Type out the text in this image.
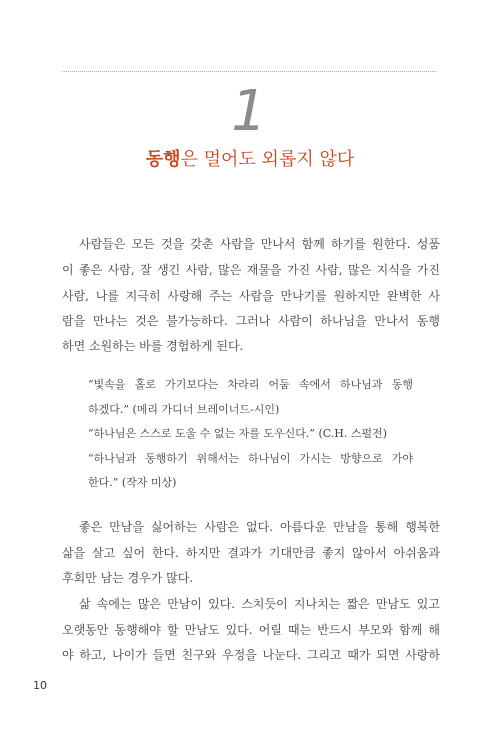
1
동행은 멀어도 외롭지 않다
사람들은 모든 것을 갖춘 사람을 만나서 함께 하기를 원한다. 성품
이 좋은 사람, 잘 생긴 사람, 많은 재물을 가진 사람, 많은 지식을 가진
사람, 나를 지극히 사랑해 주는 사람을 만나기를 원하지만 완벽한 사
람을 만나는 것은 불가능하다. 그러나 사람이 하나님을 만나서 동행
하면 소원하는 바를 경험하게 된다.
“빛속을 홀로 가기보다는 차라리 어둠 속에서 하나님과 동행
하겠다.” (메리 가디너 브레이너드-시인)
“하나님은 스스로 도울 수 없는 자를 도우신다.” (C.H. 스펄전)
“하나님과 동행하기 위해서는 하나님이 가시는 방향으로 가야
한다.” (작자 미상)
좋은 만남을 싫어하는 사람은 없다. 아름다운 만남을 통해 행복한
삶을 살고 싶어 한다. 하지만 결과가 기대만큼 좋지 않아서 아쉬움과
후회만 남는 경우가 많다.
삶 속에는 많은 만남이 있다. 스치듯이 지나치는 짧은 만남도 있고
오랫동안 동행해야 할 만남도 있다. 어릴 때는 반드시 부모와 함께 해
야 하고, 나이가 들면 친구와 우정을 나눈다. 그리고 때가 되면 사랑하
10
